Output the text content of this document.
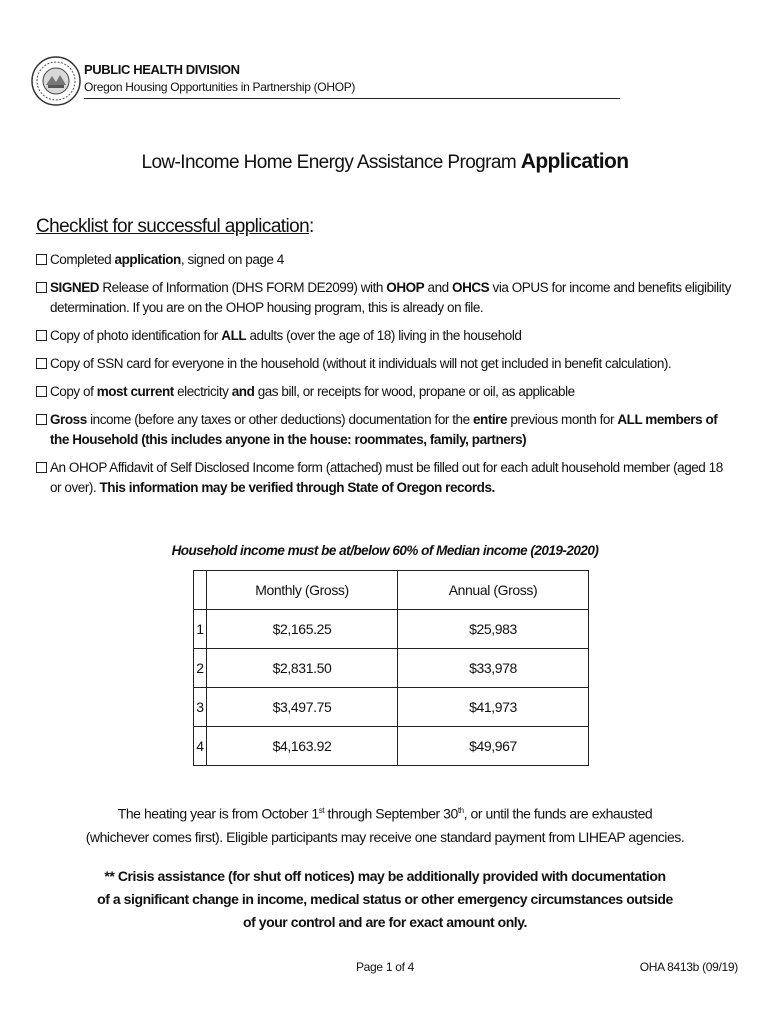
PUBLIC HEALTH DIVISION
Oregon Housing Opportunities in Partnership (OHOP)
Low-Income Home Energy Assistance Program Application
Checklist for successful application:
Completed application, signed on page 4
SIGNED Release of Information (DHS FORM DE2099) with OHOP and OHCS via OPUS for income and benefits eligibility determination. If you are on the OHOP housing program, this is already on file.
Copy of photo identification for ALL adults (over the age of 18) living in the household
Copy of SSN card for everyone in the household (without it individuals will not get included in benefit calculation).
Copy of most current electricity and gas bill, or receipts for wood, propane or oil, as applicable
Gross income (before any taxes or other deductions) documentation for the entire previous month for ALL members of the Household (this includes anyone in the house: roommates, family, partners)
An OHOP Affidavit of Self Disclosed Income form (attached) must be filled out for each adult household member (aged 18 or over). This information may be verified through State of Oregon records.
Household income must be at/below 60% of Median income (2019-2020)
	Monthly (Gross)	Annual (Gross)
1	$2,165.25	$25,983
2	$2,831.50	$33,978
3	$3,497.75	$41,973
4	$4,163.92	$49,967
The heating year is from October 1st through September 30th, or until the funds are exhausted
(whichever comes first). Eligible participants may receive one standard payment from LIHEAP agencies.
** Crisis assistance (for shut off notices) may be additionally provided with documentation
of a significant change in income, medical status or other emergency circumstances outside
of your control and are for exact amount only.
Page 1 of 4	OHA 8413b (09/19)
